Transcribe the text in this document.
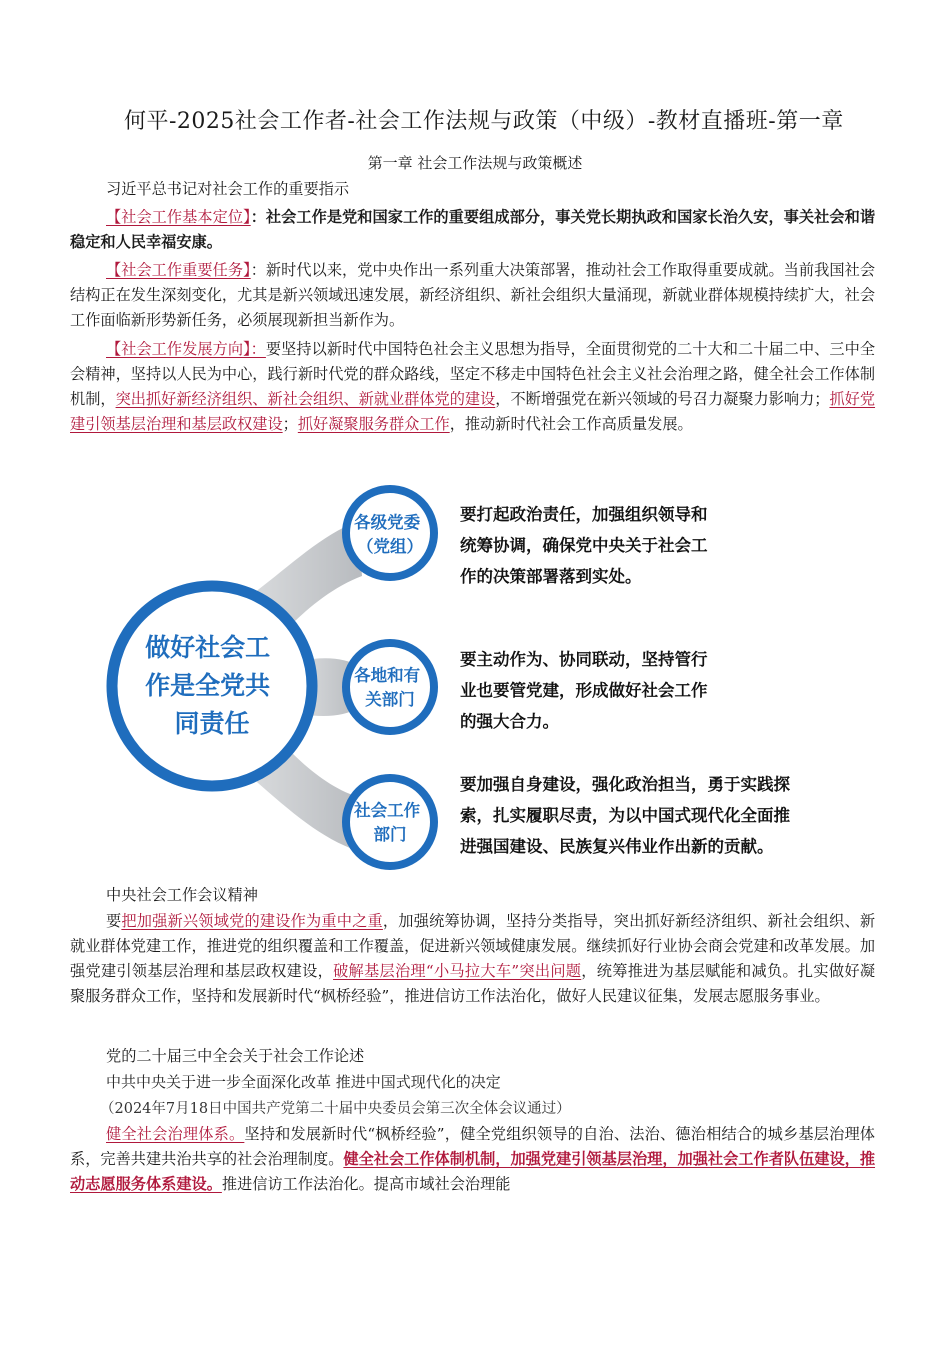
何平-2025社会工作者-社会工作法规与政策（中级）-教材直播班-第一章
第一章 社会工作法规与政策概述
习近平总书记对社会工作的重要指示
【社会工作基本定位】：社会工作是党和国家工作的重要组成部分，事关党长期执政和国家长治久安，事关社会和谐稳定和人民幸福安康。
【社会工作重要任务】：新时代以来，党中央作出一系列重大决策部署，推动社会工作取得重要成就。当前我国社会结构正在发生深刻变化，尤其是新兴领域迅速发展，新经济组织、新社会组织大量涌现，新就业群体规模持续扩大，社会工作面临新形势新任务，必须展现新担当新作为。
【社会工作发展方向】：要坚持以新时代中国特色社会主义思想为指导，全面贯彻党的二十大和二十届二中、三中全会精神，坚持以人民为中心，践行新时代党的群众路线，坚定不移走中国特色社会主义社会治理之路，健全社会工作体制机制，突出抓好新经济组织、新社会组织、新就业群体党的建设，不断增强党在新兴领域的号召力凝聚力影响力；抓好党建引领基层治理和基层政权建设；抓好凝聚服务群众工作，推动新时代社会工作高质量发展。
做好社会工 作是全党共 同责任
各级党委 （党组）
各地和有 关部门
社会工作 部门
要打起政治责任，加强组织领导和 统筹协调，确保党中央关于社会工 作的决策部署落到实处。
要主动作为、协同联动，坚持管行 业也要管党建，形成做好社会工作 的强大合力。
要加强自身建设，强化政治担当，勇于实践探 索，扎实履职尽责，为以中国式现代化全面推 进强国建设、民族复兴伟业作出新的贡献。
中央社会工作会议精神
要把加强新兴领域党的建设作为重中之重，加强统筹协调，坚持分类指导，突出抓好新经济组织、新社会组织、新就业群体党建工作，推进党的组织覆盖和工作覆盖，促进新兴领域健康发展。继续抓好行业协会商会党建和改革发展。加强党建引领基层治理和基层政权建设，破解基层治理“小马拉大车”突出问题，统筹推进为基层赋能和减负。扎实做好凝聚服务群众工作，坚持和发展新时代“枫桥经验”，推进信访工作法治化，做好人民建议征集，发展志愿服务事业。
党的二十届三中全会关于社会工作论述
中共中央关于进一步全面深化改革 推进中国式现代化的决定
（2024年7月18日中国共产党第二十届中央委员会第三次全体会议通过）
健全社会治理体系。坚持和发展新时代“枫桥经验”，健全党组织领导的自治、法治、德治相结合的城乡基层治理体系，完善共建共治共享的社会治理制度。健全社会工作体制机制，加强党建引领基层治理，加强社会工作者队伍建设，推动志愿服务体系建设。推进信访工作法治化。提高市域社会治理能
